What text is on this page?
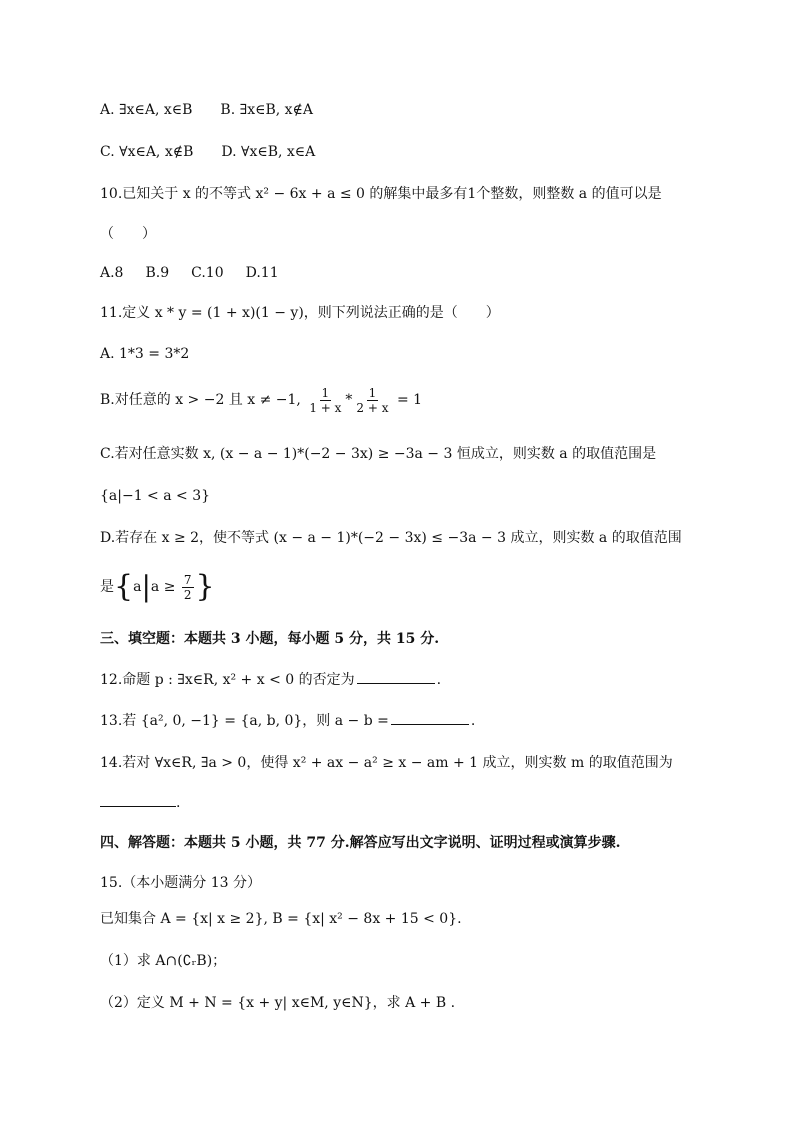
A. ∃x∈A, x∈B B. ∃x∈B, x∉A
C. ∀x∈A, x∉B D. ∀x∈B, x∈A
10.已知关于 x 的不等式 x² − 6x + a ≤ 0 的解集中最多有1个整数，则整数 a 的值可以是
（　　）
A.8 B.9 C.10 D.11
11.定义 x * y = (1 + x)(1 − y)，则下列说法正确的是（　　）
A. 1*3 = 3*2
B.对任意的 x > −2 且 x ≠ −1, $\frac{1}{1 + x} * \frac{1}{2 + x} = 1$
C.若对任意实数 x, (x − a − 1)*(−2 − 3x) ≥ −3a − 3 恒成立，则实数 a 的取值范围是
{a|−1 < a < 3}
D.若存在 x ≥ 2，使不等式 (x − a − 1)*(−2 − 3x) ≤ −3a − 3 成立，则实数 a 的取值范围
是{$a|a \ge \frac{7}{2}$ }
三、填空题：本题共 3 小题，每小题 5 分，共 15 分.
12.命题 p : ∃x∈R, x² + x < 0 的否定为	.
13.若 {a², 0, −1} = {a, b, 0}，则 a − b =	.
14.若对 ∀x∈R, ∃a > 0，使得 x² + ax − a² ≥ x − am + 1 成立，则实数 m 的取值范围为
.
四、解答题：本题共 5 小题，共 77 分.解答应写出文字说明、证明过程或演算步骤.
15.（本小题满分 13 分）
已知集合 A = {x| x ≥ 2}, B = {x| x² − 8x + 15 < 0}.
（1）求 A∩(∁ᵣB)；
（2）定义 M + N = {x + y| x∈M, y∈N}，求 A + B .
